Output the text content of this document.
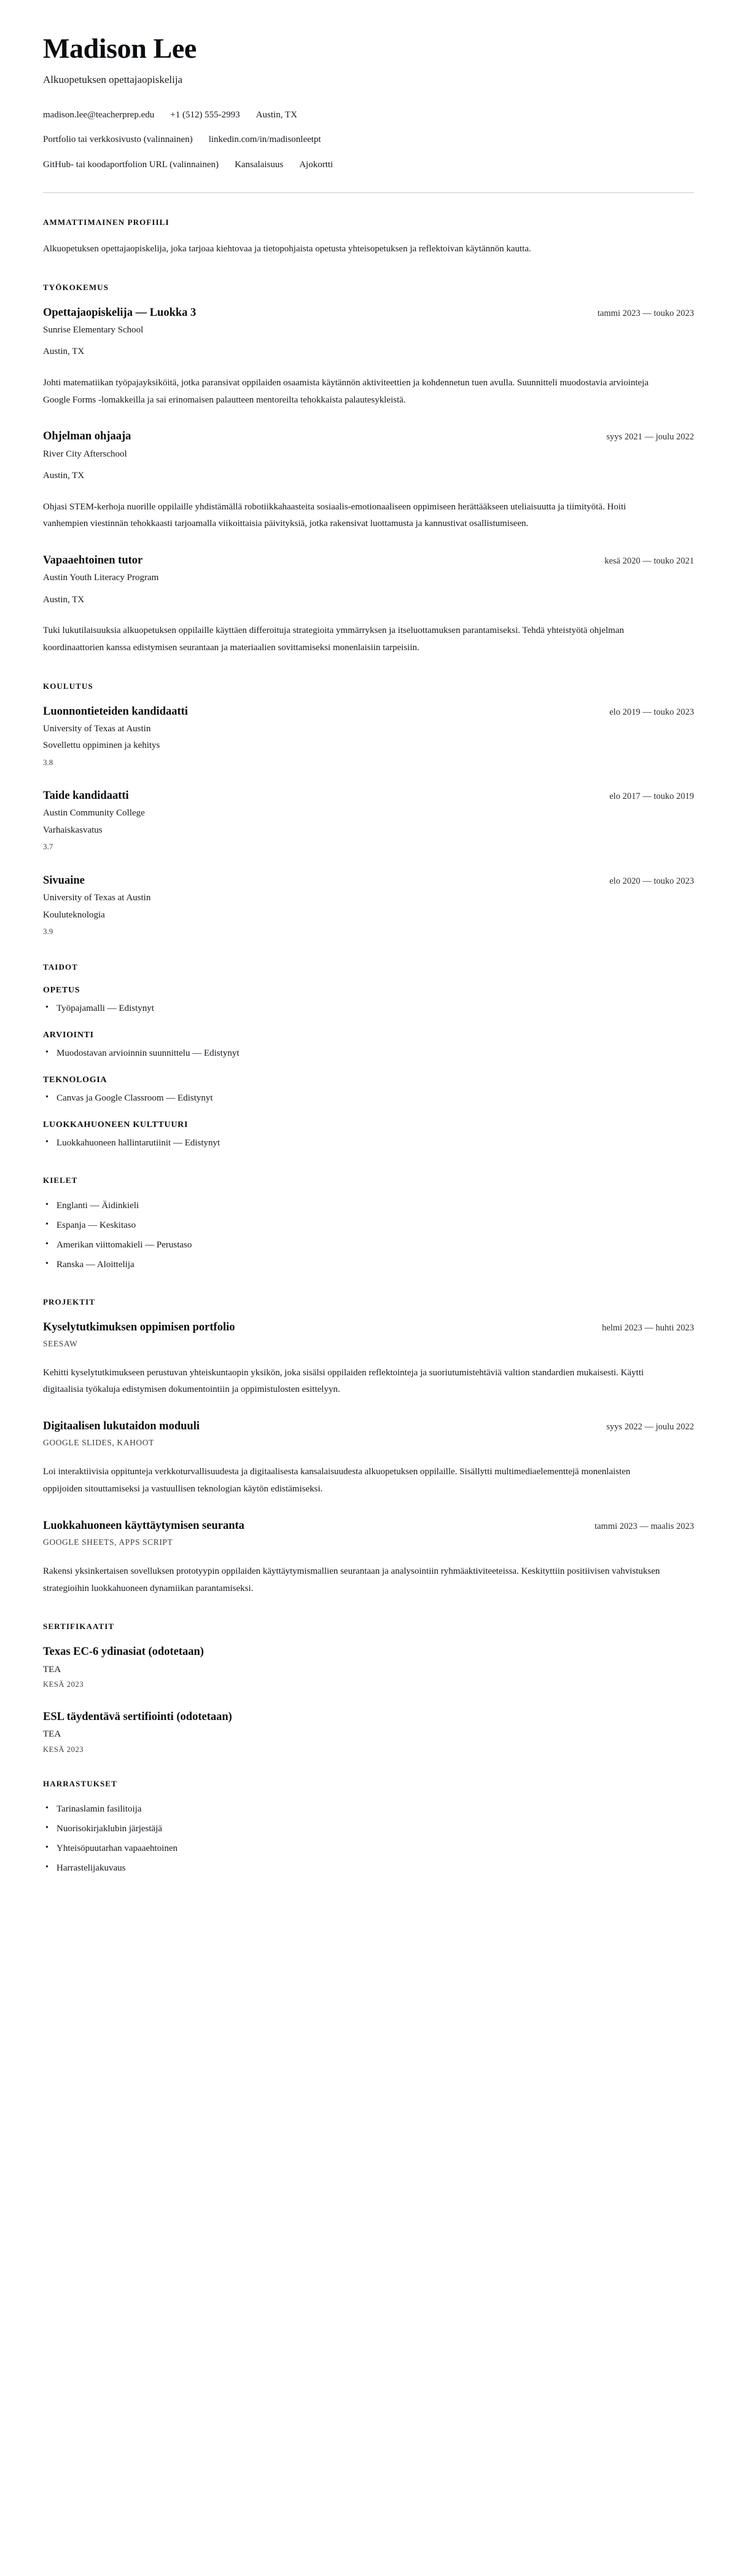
Madison Lee

Alkuopetuksen opettajaopiskelija

madison.lee@teacherprep.edu +1 (512) 555-2993 Austin, TX
Portfolio tai verkkosivusto (valinnainen) linkedin.com/in/madisonleetpt
GitHub- tai koodaportfolion URL (valinnainen) Kansalaisuus Ajokortti
AMMATTIMAINEN PROFIILI

Alkuopetuksen opettajaopiskelija, joka tarjoaa kiehtovaa ja tietopohjaista opetusta yhteisopetuksen ja reflektoivan käytännön kautta.

TYÖKOKEMUS
Opettajaopiskelija — Luokka 3	tammi 2023 — touko 2023

Sunrise Elementary School

Austin, TX

Johti matematiikan työpajayksiköitä, jotka paransivat oppilaiden osaamista käytännön aktiviteettien ja kohdennetun tuen avulla. Suunnitteli muodostavia arviointeja Google Forms -lomakkeilla ja sai erinomaisen palautteen mentoreilta tehokkaista palautesykleistä.

Ohjelman ohjaaja	syys 2021 — joulu 2022

River City Afterschool

Austin, TX

Ohjasi STEM-kerhoja nuorille oppilaille yhdistämällä robotiikkahaasteita sosiaalis-emotionaaliseen oppimiseen herättääkseen uteliaisuutta ja tiimityötä. Hoiti vanhempien viestinnän tehokkaasti tarjoamalla viikoittaisia päivityksiä, jotka rakensivat luottamusta ja kannustivat osallistumiseen.

Vapaaehtoinen tutor	kesä 2020 — touko 2021

Austin Youth Literacy Program

Austin, TX

Tuki lukutilaisuuksia alkuopetuksen oppilaille käyttäen differoituja strategioita ymmärryksen ja itseluottamuksen parantamiseksi. Tehdä yhteistyötä ohjelman koordinaattorien kanssa edistymisen seurantaan ja materiaalien sovittamiseksi monenlaisiin tarpeisiin.

KOULUTUS
Luonnontieteiden kandidaatti	elo 2019 — touko 2023

University of Texas at Austin

Sovellettu oppiminen ja kehitys

3.8

Taide kandidaatti	elo 2017 — touko 2019

Austin Community College

Varhaiskasvatus

3.7

Sivuaine	elo 2020 — touko 2023

University of Texas at Austin

Kouluteknologia

3.9

TAIDOT
OPETUS
• Työpajamalli — Edistynyt
ARVIOINTI
• Muodostavan arvioinnin suunnittelu — Edistynyt
TEKNOLOGIA
• Canvas ja Google Classroom — Edistynyt
LUOKKAHUONEEN KULTTUURI
• Luokkahuoneen hallintarutiinit — Edistynyt
KIELET
• Englanti — Äidinkieli
• Espanja — Keskitaso
• Amerikan viittomakieli — Perustaso
• Ranska — Aloittelija
PROJEKTIT
Kyselytutkimuksen oppimisen portfolio	helmi 2023 — huhti 2023

SEESAW

Kehitti kyselytutkimukseen perustuvan yhteiskuntaopin yksikön, joka sisälsi oppilaiden reflektointeja ja suoriutumistehtäviä valtion standardien mukaisesti. Käytti digitaalisia työkaluja edistymisen dokumentointiin ja oppimistulosten esittelyyn.

Digitaalisen lukutaidon moduuli	syys 2022 — joulu 2022

GOOGLE SLIDES, KAHOOT

Loi interaktiivisia oppitunteja verkkoturvallisuudesta ja digitaalisesta kansalaisuudesta alkuopetuksen oppilaille. Sisällytti multimediaelementtejä monenlaisten oppijoiden sitouttamiseksi ja vastuullisen teknologian käytön edistämiseksi.

Luokkahuoneen käyttäytymisen seuranta	tammi 2023 — maalis 2023

GOOGLE SHEETS, APPS SCRIPT

Rakensi yksinkertaisen sovelluksen prototyypin oppilaiden käyttäytymismallien seurantaan ja analysointiin ryhmäaktiviteeteissa. Keskityttiin positiivisen vahvistuksen strategioihin luokkahuoneen dynamiikan parantamiseksi.

SERTIFIKAATIT
Texas EC-6 ydinasiat (odotetaan)

TEA

KESÄ 2023

ESL täydentävä sertifiointi (odotetaan)

TEA

KESÄ 2023

HARRASTUKSET
• Tarinaslamin fasilitoija
• Nuorisokirjaklubin järjestäjä
• Yhteisöpuutarhan vapaaehtoinen
• Harrastelijakuvaus
